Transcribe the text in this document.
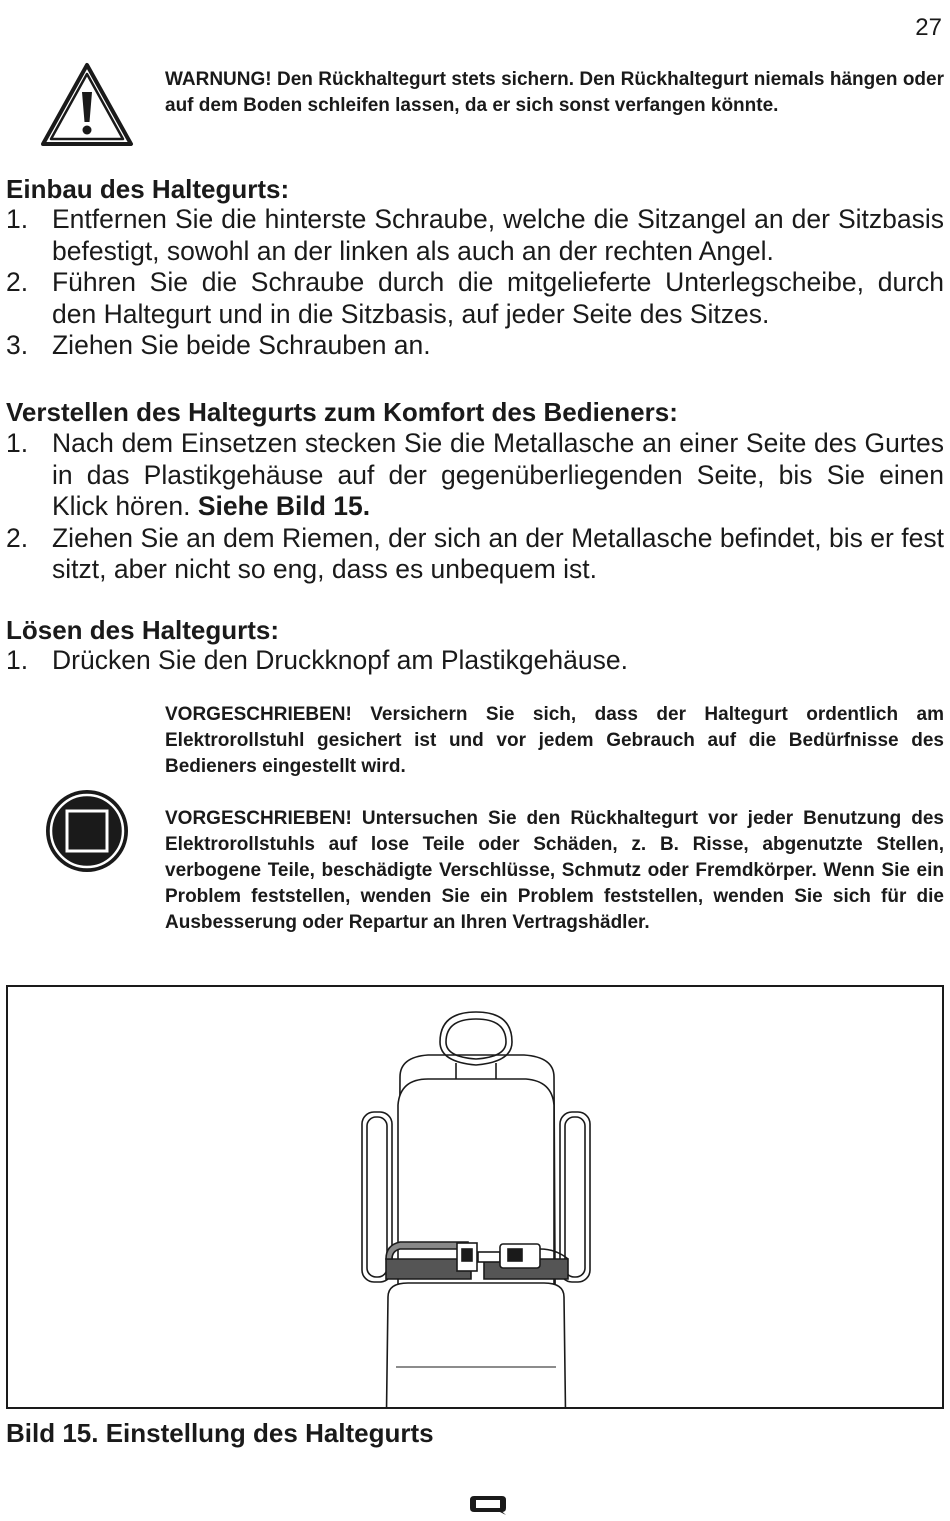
27
WARNUNG! Den Rückhaltegurt stets sichern. Den Rückhaltegurt niemals hängen oder auf dem Boden schleifen lassen, da er sich sonst verfangen könnte.
Einbau des Haltegurts:
1. Entfernen Sie die hinterste Schraube, welche die Sitzangel an der Sitzbasis befestigt, sowohl an der linken als auch an der rechten Angel.
2. Führen Sie die Schraube durch die mitgelieferte Unterlegscheibe, durch den Haltegurt und in die Sitzbasis, auf jeder Seite des Sitzes.
3. Ziehen Sie beide Schrauben an.
Verstellen des Haltegurts zum Komfort des Bedieners:
1. Nach dem Einsetzen stecken Sie die Metallasche an einer Seite des Gurtes in das Plastikgehäuse auf der gegenüberliegenden Seite, bis Sie einen Klick hören. Siehe Bild 15.
2. Ziehen Sie an dem Riemen, der sich an der Metallasche befindet, bis er fest sitzt, aber nicht so eng, dass es unbequem ist.
Lösen des Haltegurts:
1. Drücken Sie den Druckknopf am Plastikgehäuse.
VORGESCHRIEBEN! Versichern Sie sich, dass der Haltegurt ordentlich am Elektrorollstuhl gesichert ist und vor jedem Gebrauch auf die Bedürfnisse des Bedieners eingestellt wird.
VORGESCHRIEBEN! Untersuchen Sie den Rückhaltegurt vor jeder Benutzung des Elektrorollstuhls auf lose Teile oder Schäden, z. B. Risse, abgenutzte Stellen, verbogene Teile, beschädigte Verschlüsse, Schmutz oder Fremdkörper. Wenn Sie ein Problem feststellen, wenden Sie ein Problem feststellen, wenden Sie sich für die Ausbesserung oder Repartur an Ihren Vertragshädler.
Bild 15. Einstellung des Haltegurts
